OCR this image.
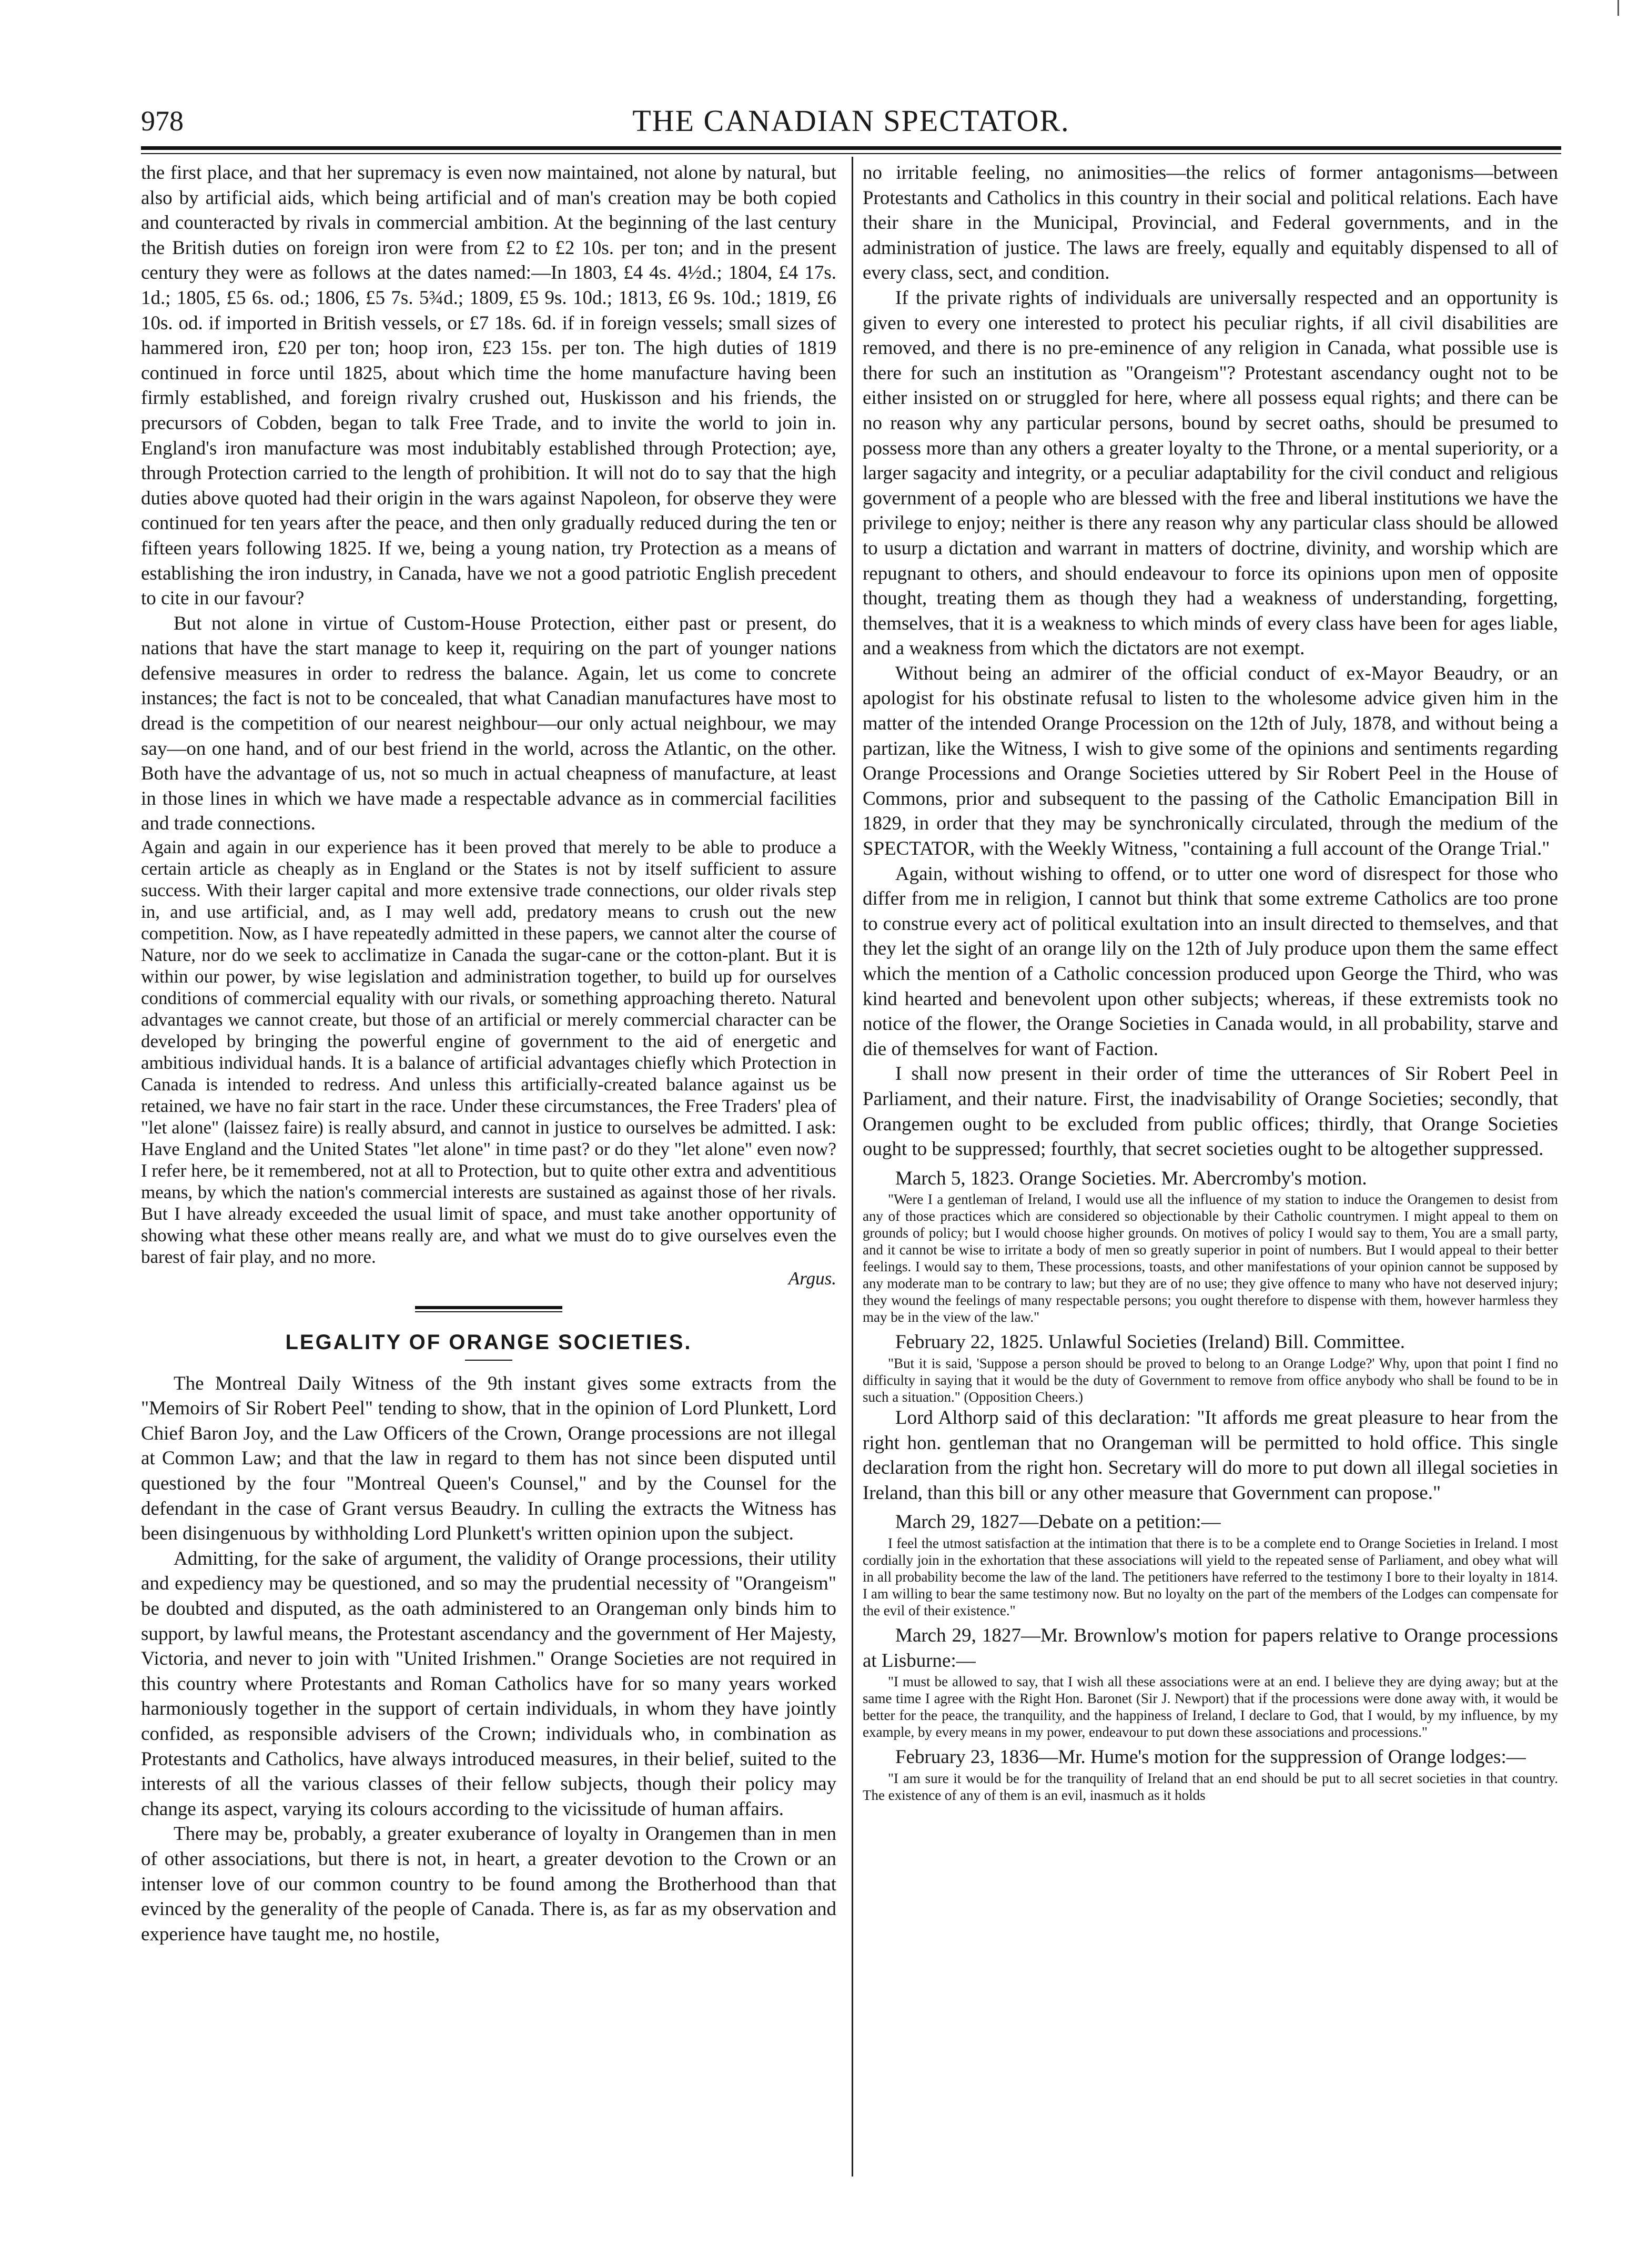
978	THE CANADIAN SPECTATOR.

the first place, and that her supremacy is even now maintained, not alone by natural, but also by artificial aids, which being artificial and of man's creation may be both copied and counteracted by rivals in commercial ambition. At the beginning of the last century the British duties on foreign iron were from £2 to £2 10s. per ton; and in the present century they were as follows at the dates named:—In 1803, £4 4s. 4½d.; 1804, £4 17s. 1d.; 1805, £5 6s. od.; 1806, £5 7s. 5¾d.; 1809, £5 9s. 10d.; 1813, £6 9s. 10d.; 1819, £6 10s. od. if imported in British vessels, or £7 18s. 6d. if in foreign vessels; small sizes of hammered iron, £20 per ton; hoop iron, £23 15s. per ton. The high duties of 1819 continued in force until 1825, about which time the home manufacture having been firmly established, and foreign rivalry crushed out, Huskisson and his friends, the precursors of Cobden, began to talk Free Trade, and to invite the world to join in. England's iron manufacture was most indubitably established through Protection; aye, through Protection carried to the length of prohibition. It will not do to say that the high duties above quoted had their origin in the wars against Napoleon, for observe they were continued for ten years after the peace, and then only gradually reduced during the ten or fifteen years following 1825. If we, being a young nation, try Protection as a means of establishing the iron industry, in Canada, have we not a good patriotic English precedent to cite in our favour?

But not alone in virtue of Custom-House Protection, either past or present, do nations that have the start manage to keep it, requiring on the part of younger nations defensive measures in order to redress the balance. Again, let us come to concrete instances; the fact is not to be concealed, that what Canadian manufactures have most to dread is the competition of our nearest neighbour—our only actual neighbour, we may say—on one hand, and of our best friend in the world, across the Atlantic, on the other. Both have the advantage of us, not so much in actual cheapness of manufacture, at least in those lines in which we have made a respectable advance as in commercial facilities and trade connections.

Again and again in our experience has it been proved that merely to be able to produce a certain article as cheaply as in England or the States is not by itself sufficient to assure success. With their larger capital and more extensive trade connections, our older rivals step in, and use artificial, and, as I may well add, predatory means to crush out the new competition. Now, as I have repeatedly admitted in these papers, we cannot alter the course of Nature, nor do we seek to acclimatize in Canada the sugar-cane or the cotton-plant. But it is within our power, by wise legislation and administration together, to build up for ourselves conditions of commercial equality with our rivals, or something approaching thereto. Natural advantages we cannot create, but those of an artificial or merely commercial character can be developed by bringing the powerful engine of government to the aid of energetic and ambitious individual hands. It is a balance of artificial advantages chiefly which Protection in Canada is intended to redress. And unless this artificially-created balance against us be retained, we have no fair start in the race. Under these circumstances, the Free Traders' plea of "let alone" (laissez faire) is really absurd, and cannot in justice to ourselves be admitted. I ask: Have England and the United States "let alone" in time past? or do they "let alone" even now? I refer here, be it remembered, not at all to Protection, but to quite other extra and adventitious means, by which the nation's commercial interests are sustained as against those of her rivals. But I have already exceeded the usual limit of space, and must take another opportunity of showing what these other means really are, and what we must do to give ourselves even the barest of fair play, and no more.

Argus.

LEGALITY OF ORANGE SOCIETIES.

The Montreal Daily Witness of the 9th instant gives some extracts from the "Memoirs of Sir Robert Peel" tending to show, that in the opinion of Lord Plunkett, Lord Chief Baron Joy, and the Law Officers of the Crown, Orange processions are not illegal at Common Law; and that the law in regard to them has not since been disputed until questioned by the four "Montreal Queen's Counsel," and by the Counsel for the defendant in the case of Grant versus Beaudry. In culling the extracts the Witness has been disingenuous by withholding Lord Plunkett's written opinion upon the subject.

Admitting, for the sake of argument, the validity of Orange processions, their utility and expediency may be questioned, and so may the prudential necessity of "Orangeism" be doubted and disputed, as the oath administered to an Orangeman only binds him to support, by lawful means, the Protestant ascendancy and the government of Her Majesty, Victoria, and never to join with "United Irishmen." Orange Societies are not required in this country where Protestants and Roman Catholics have for so many years worked harmoniously together in the support of certain individuals, in whom they have jointly confided, as responsible advisers of the Crown; individuals who, in combination as Protestants and Catholics, have always introduced measures, in their belief, suited to the interests of all the various classes of their fellow subjects, though their policy may change its aspect, varying its colours according to the vicissitude of human affairs.

There may be, probably, a greater exuberance of loyalty in Orangemen than in men of other associations, but there is not, in heart, a greater devotion to the Crown or an intenser love of our common country to be found among the Brotherhood than that evinced by the generality of the people of Canada. There is, as far as my observation and experience have taught me, no hostile,

no irritable feeling, no animosities—the relics of former antagonisms—between Protestants and Catholics in this country in their social and political relations. Each have their share in the Municipal, Provincial, and Federal governments, and in the administration of justice. The laws are freely, equally and equitably dispensed to all of every class, sect, and condition.

If the private rights of individuals are universally respected and an opportunity is given to every one interested to protect his peculiar rights, if all civil disabilities are removed, and there is no pre-eminence of any religion in Canada, what possible use is there for such an institution as "Orangeism"? Protestant ascendancy ought not to be either insisted on or struggled for here, where all possess equal rights; and there can be no reason why any particular persons, bound by secret oaths, should be presumed to possess more than any others a greater loyalty to the Throne, or a mental superiority, or a larger sagacity and integrity, or a peculiar adaptability for the civil conduct and religious government of a people who are blessed with the free and liberal institutions we have the privilege to enjoy; neither is there any reason why any particular class should be allowed to usurp a dictation and warrant in matters of doctrine, divinity, and worship which are repugnant to others, and should endeavour to force its opinions upon men of opposite thought, treating them as though they had a weakness of understanding, forgetting, themselves, that it is a weakness to which minds of every class have been for ages liable, and a weakness from which the dictators are not exempt.

Without being an admirer of the official conduct of ex-Mayor Beaudry, or an apologist for his obstinate refusal to listen to the wholesome advice given him in the matter of the intended Orange Procession on the 12th of July, 1878, and without being a partizan, like the Witness, I wish to give some of the opinions and sentiments regarding Orange Processions and Orange Societies uttered by Sir Robert Peel in the House of Commons, prior and subsequent to the passing of the Catholic Emancipation Bill in 1829, in order that they may be synchronically circulated, through the medium of the SPECTATOR, with the Weekly Witness, "containing a full account of the Orange Trial."

Again, without wishing to offend, or to utter one word of disrespect for those who differ from me in religion, I cannot but think that some extreme Catholics are too prone to construe every act of political exultation into an insult directed to themselves, and that they let the sight of an orange lily on the 12th of July produce upon them the same effect which the mention of a Catholic concession produced upon George the Third, who was kind hearted and benevolent upon other subjects; whereas, if these extremists took no notice of the flower, the Orange Societies in Canada would, in all probability, starve and die of themselves for want of Faction.

I shall now present in their order of time the utterances of Sir Robert Peel in Parliament, and their nature. First, the inadvisability of Orange Societies; secondly, that Orangemen ought to be excluded from public offices; thirdly, that Orange Societies ought to be suppressed; fourthly, that secret societies ought to be altogether suppressed.

March 5, 1823. Orange Societies. Mr. Abercromby's motion.

"Were I a gentleman of Ireland, I would use all the influence of my station to induce the Orangemen to desist from any of those practices which are considered so objectionable by their Catholic countrymen. I might appeal to them on grounds of policy; but I would choose higher grounds. On motives of policy I would say to them, You are a small party, and it cannot be wise to irritate a body of men so greatly superior in point of numbers. But I would appeal to their better feelings. I would say to them, These processions, toasts, and other manifestations of your opinion cannot be supposed by any moderate man to be contrary to law; but they are of no use; they give offence to many who have not deserved injury; they wound the feelings of many respectable persons; you ought therefore to dispense with them, however harmless they may be in the view of the law."

February 22, 1825. Unlawful Societies (Ireland) Bill. Committee.

"But it is said, 'Suppose a person should be proved to belong to an Orange Lodge?' Why, upon that point I find no difficulty in saying that it would be the duty of Government to remove from office anybody who shall be found to be in such a situation." (Opposition Cheers.)

Lord Althorp said of this declaration: "It affords me great pleasure to hear from the right hon. gentleman that no Orangeman will be permitted to hold office. This single declaration from the right hon. Secretary will do more to put down all illegal societies in Ireland, than this bill or any other measure that Government can propose."

March 29, 1827—Debate on a petition:—

I feel the utmost satisfaction at the intimation that there is to be a complete end to Orange Societies in Ireland. I most cordially join in the exhortation that these associations will yield to the repeated sense of Parliament, and obey what will in all probability become the law of the land. The petitioners have referred to the testimony I bore to their loyalty in 1814. I am willing to bear the same testimony now. But no loyalty on the part of the members of the Lodges can compensate for the evil of their existence."

March 29, 1827—Mr. Brownlow's motion for papers relative to Orange processions at Lisburne:—

"I must be allowed to say, that I wish all these associations were at an end. I believe they are dying away; but at the same time I agree with the Right Hon. Baronet (Sir J. Newport) that if the processions were done away with, it would be better for the peace, the tranquility, and the happiness of Ireland, I declare to God, that I would, by my influence, by my example, by every means in my power, endeavour to put down these associations and processions."

February 23, 1836—Mr. Hume's motion for the suppression of Orange lodges:—

"I am sure it would be for the tranquility of Ireland that an end should be put to all secret societies in that country. The existence of any of them is an evil, inasmuch as it holds
